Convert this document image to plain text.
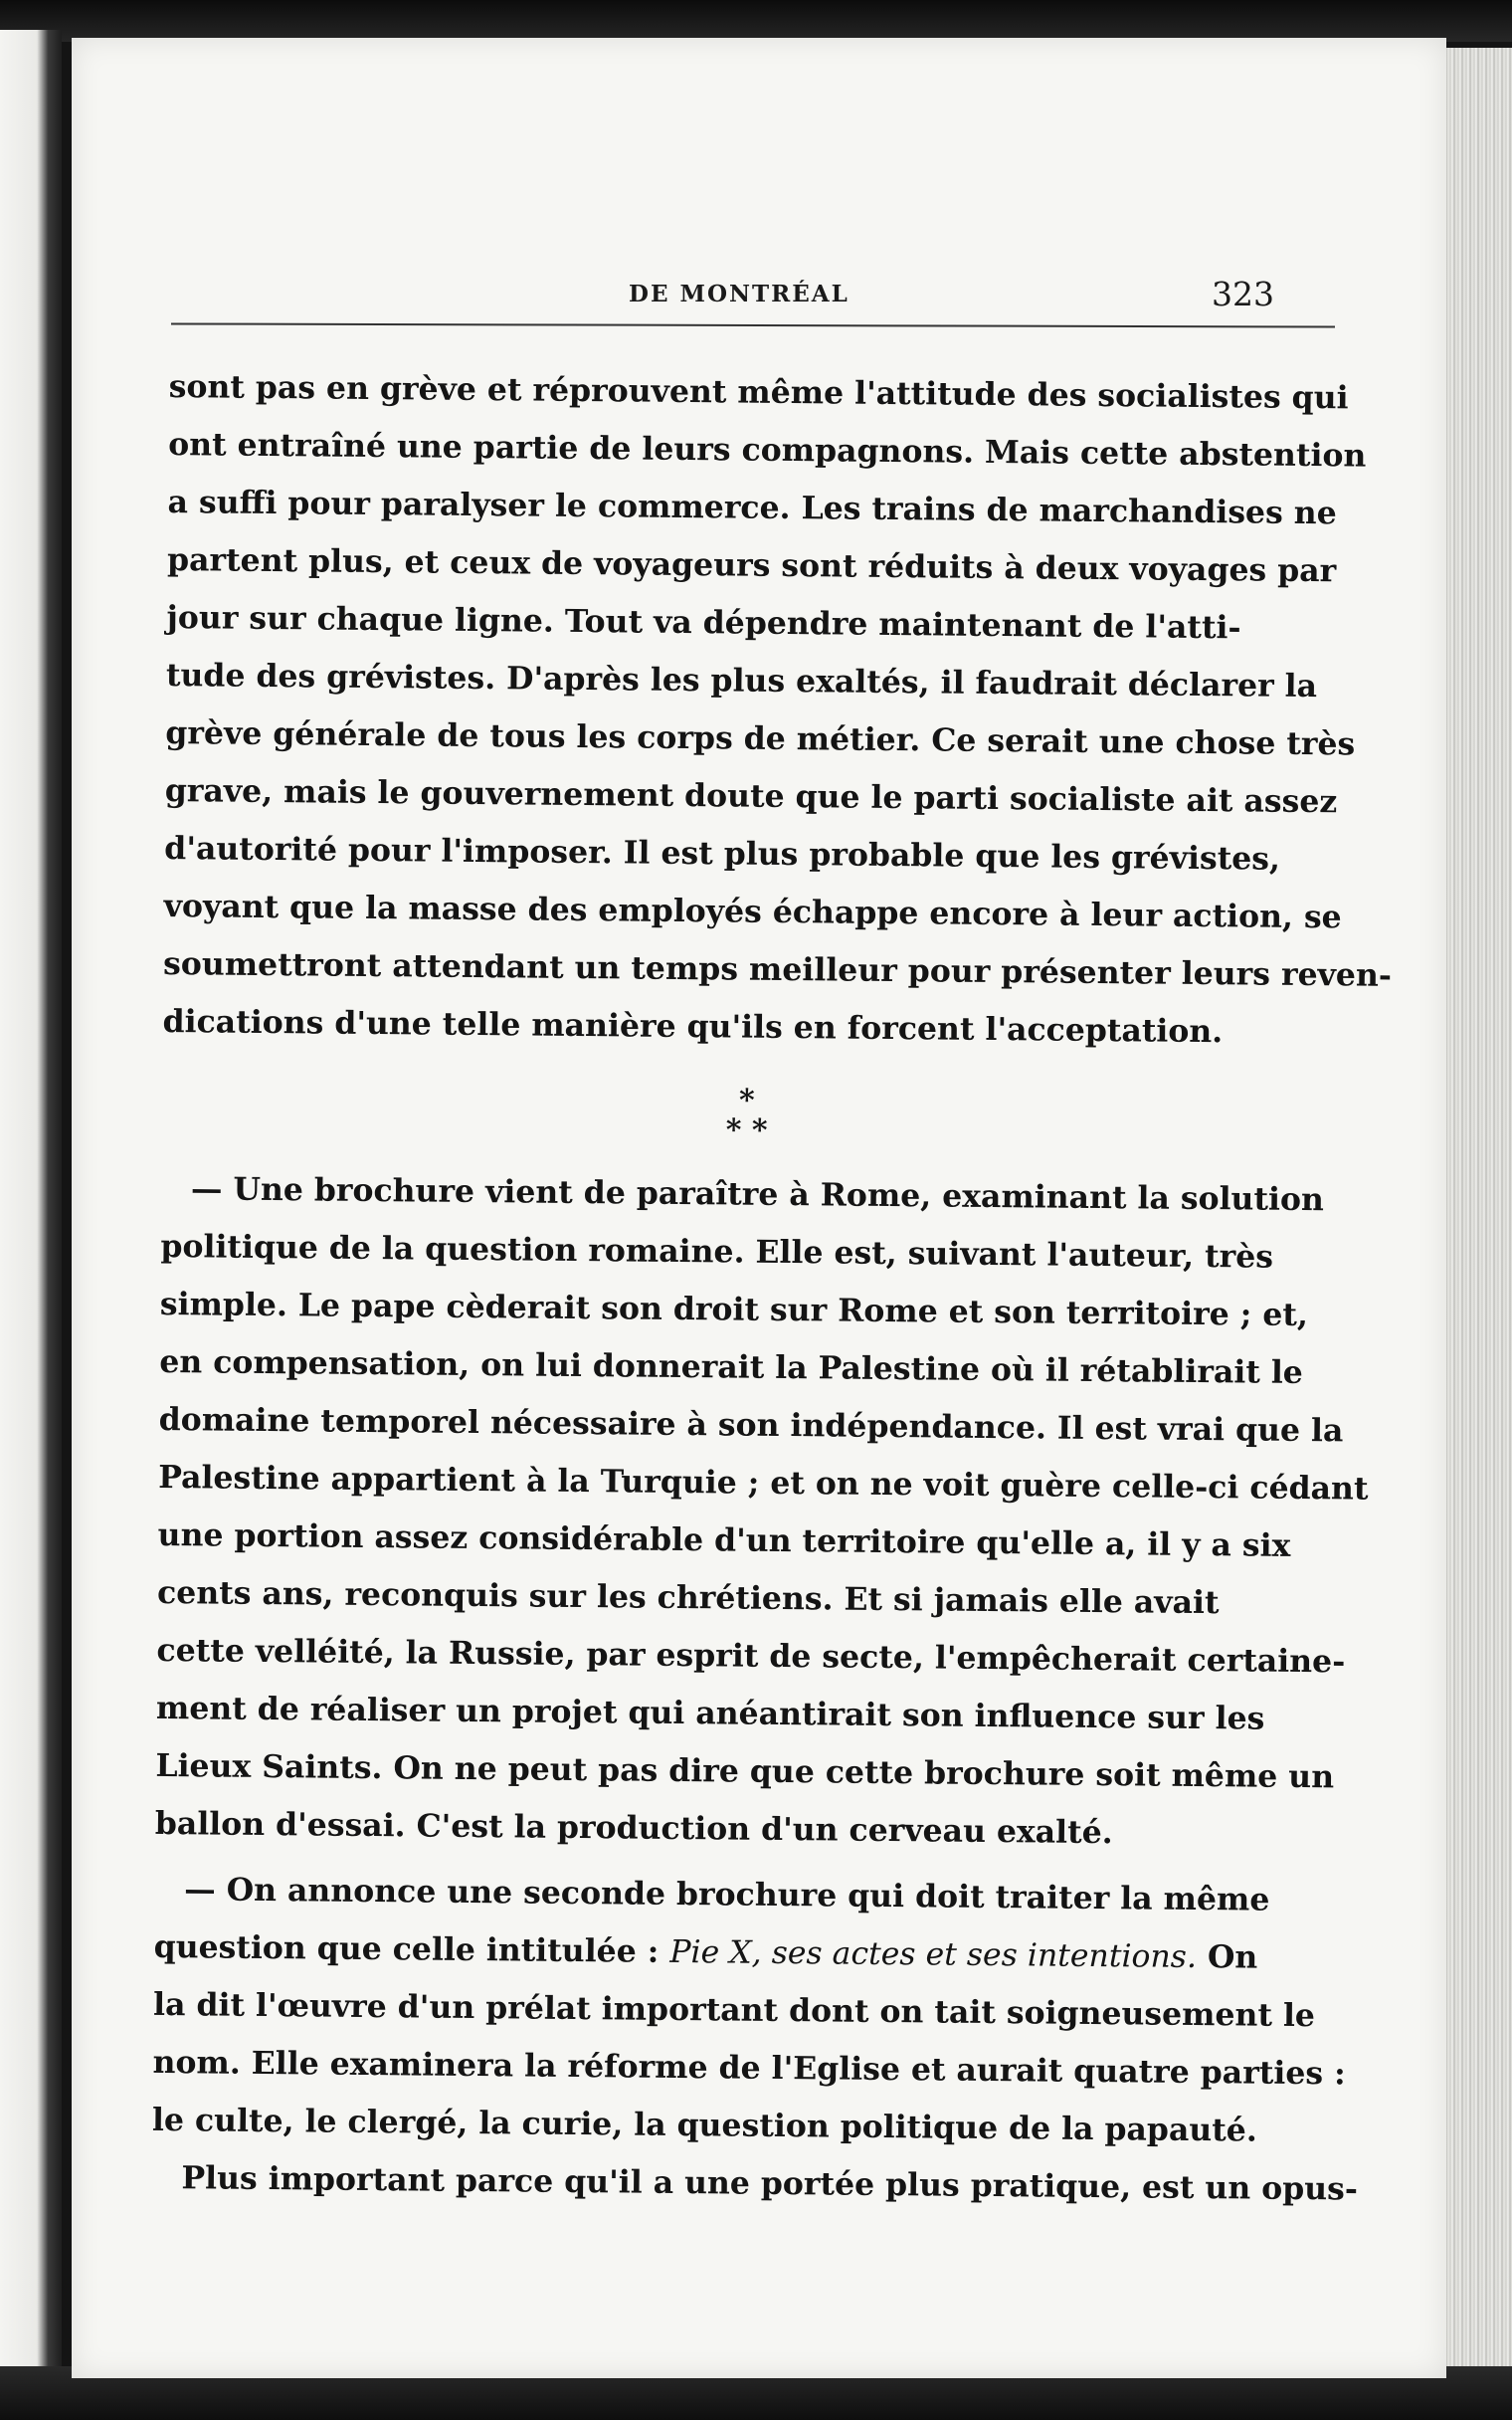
DE MONTRÉAL	323

sont pas en grève et réprouvent même l'attitude des socialistes qui
ont entraîné une partie de leurs compagnons. Mais cette abstention
a suffi pour paralyser le commerce. Les trains de marchandises ne
partent plus, et ceux de voyageurs sont réduits à deux voyages par
jour sur chaque ligne. Tout va dépendre maintenant de l'atti-
tude des grévistes. D'après les plus exaltés, il faudrait déclarer la
grève générale de tous les corps de métier. Ce serait une chose très
grave, mais le gouvernement doute que le parti socialiste ait assez
d'autorité pour l'imposer. Il est plus probable que les grévistes,
voyant que la masse des employés échappe encore à leur action, se
soumettront attendant un temps meilleur pour présenter leurs reven-
dications d'une telle manière qu'ils en forcent l'acceptation.

*
* *

— Une brochure vient de paraître à Rome, examinant la solution
politique de la question romaine. Elle est, suivant l'auteur, très
simple. Le pape cèderait son droit sur Rome et son territoire ; et,
en compensation, on lui donnerait la Palestine où il rétablirait le
domaine temporel nécessaire à son indépendance. Il est vrai que la
Palestine appartient à la Turquie ; et on ne voit guère celle-ci cédant
une portion assez considérable d'un territoire qu'elle a, il y a six
cents ans, reconquis sur les chrétiens. Et si jamais elle avait
cette velléité, la Russie, par esprit de secte, l'empêcherait certaine-
ment de réaliser un projet qui anéantirait son influence sur les
Lieux Saints. On ne peut pas dire que cette brochure soit même un
ballon d'essai. C'est la production d'un cerveau exalté.

— On annonce une seconde brochure qui doit traiter la même
question que celle intitulée : Pie X, ses actes et ses intentions. On
la dit l'œuvre d'un prélat important dont on tait soigneusement le
nom. Elle examinera la réforme de l'Eglise et aurait quatre parties :
le culte, le clergé, la curie, la question politique de la papauté.

Plus important parce qu'il a une portée plus pratique, est un opus-
